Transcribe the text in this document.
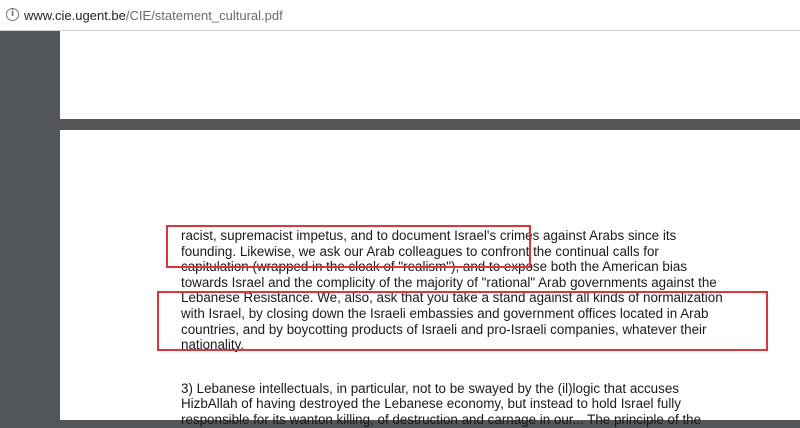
i www.cie.ugent.be/CIE/statement_cultural.pdf

racist, supremacist impetus, and to document Israel's crimes against Arabs since its
founding. Likewise, we ask our Arab colleagues to confront the continual calls for
capitulation (wrapped in the cloak of "realism"), and to expose both the American bias
towards Israel and the complicity of the majority of "rational" Arab governments against the
Lebanese Resistance. We, also, ask that you take a stand against all kinds of normalization
with Israel, by closing down the Israeli embassies and government offices located in Arab
countries, and by boycotting products of Israeli and pro-Israeli companies, whatever their
nationality.

3) Lebanese intellectuals, in particular, not to be swayed by the (il)logic that accuses
HizbAllah of having destroyed the Lebanese economy, but instead to hold Israel fully
responsible for its wanton killing, of destruction and carnage in our... The principle of the
